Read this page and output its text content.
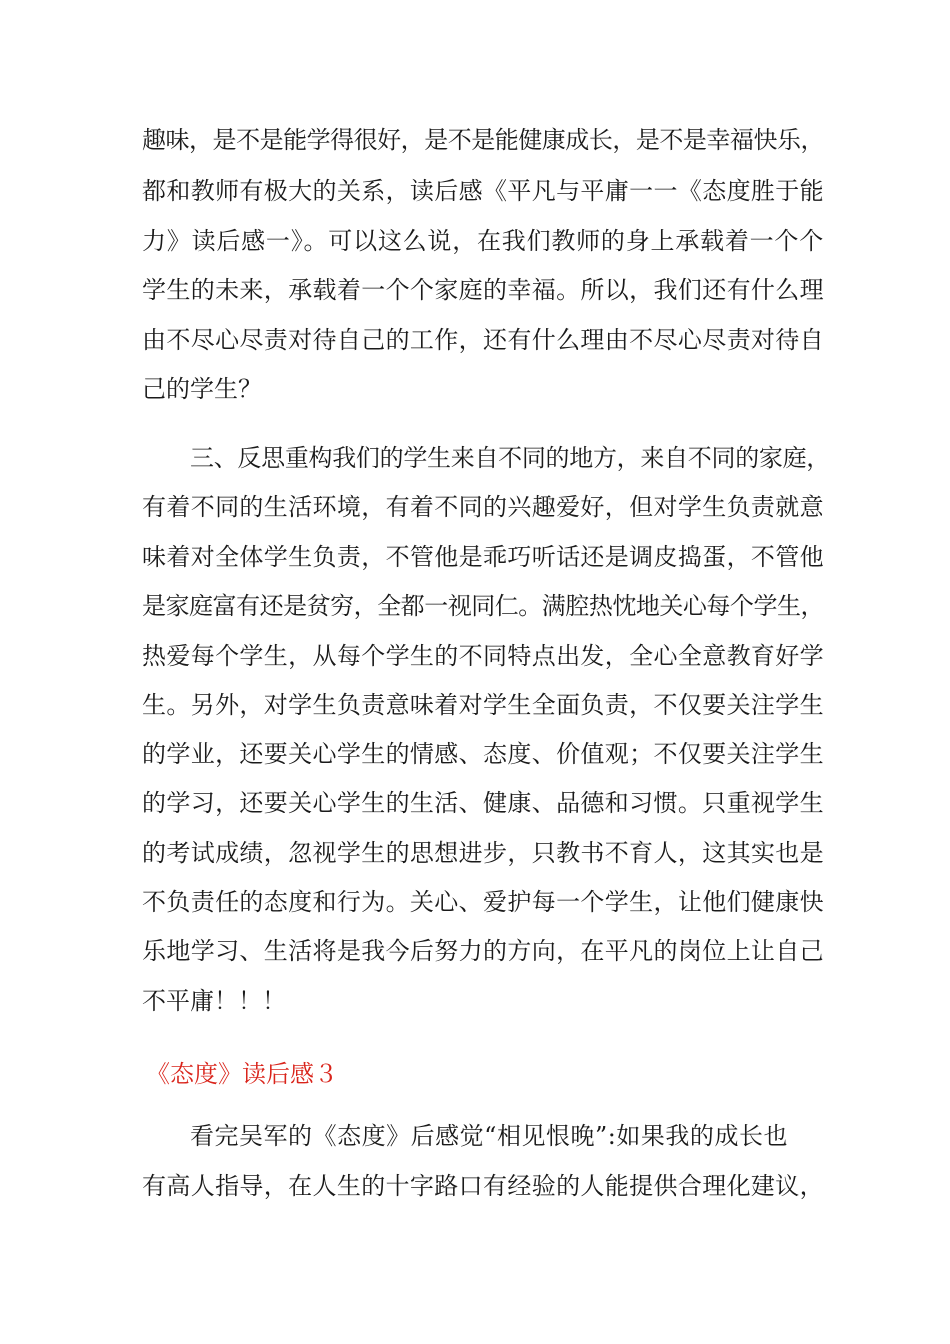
趣味，是不是能学得很好，是不是能健康成长，是不是幸福快乐，
都和教师有极大的关系，读后感《平凡与平庸一一《态度胜于能
力》读后感一》。可以这么说，在我们教师的身上承载着一个个
学生的未来，承载着一个个家庭的幸福。所以，我们还有什么理
由不尽心尽责对待自己的工作，还有什么理由不尽心尽责对待自
己的学生？
三、反思重构我们的学生来自不同的地方，来自不同的家庭，
有着不同的生活环境，有着不同的兴趣爱好，但对学生负责就意
味着对全体学生负责，不管他是乖巧听话还是调皮捣蛋，不管他
是家庭富有还是贫穷，全都一视同仁。满腔热忱地关心每个学生，
热爱每个学生，从每个学生的不同特点出发，全心全意教育好学
生。另外，对学生负责意味着对学生全面负责，不仅要关注学生
的学业，还要关心学生的情感、态度、价值观；不仅要关注学生
的学习，还要关心学生的生活、健康、品德和习惯。只重视学生
的考试成绩，忽视学生的思想进步，只教书不育人，这其实也是
不负责任的态度和行为。关心、爱护每一个学生，让他们健康快
乐地学习、生活将是我今后努力的方向，在平凡的岗位上让自己
不平庸！！！
《态度》读后感３
看完吴军的《态度》后感觉“相见恨晚”:如果我的成长也
有高人指导，在人生的十字路口有经验的人能提供合理化建议，
